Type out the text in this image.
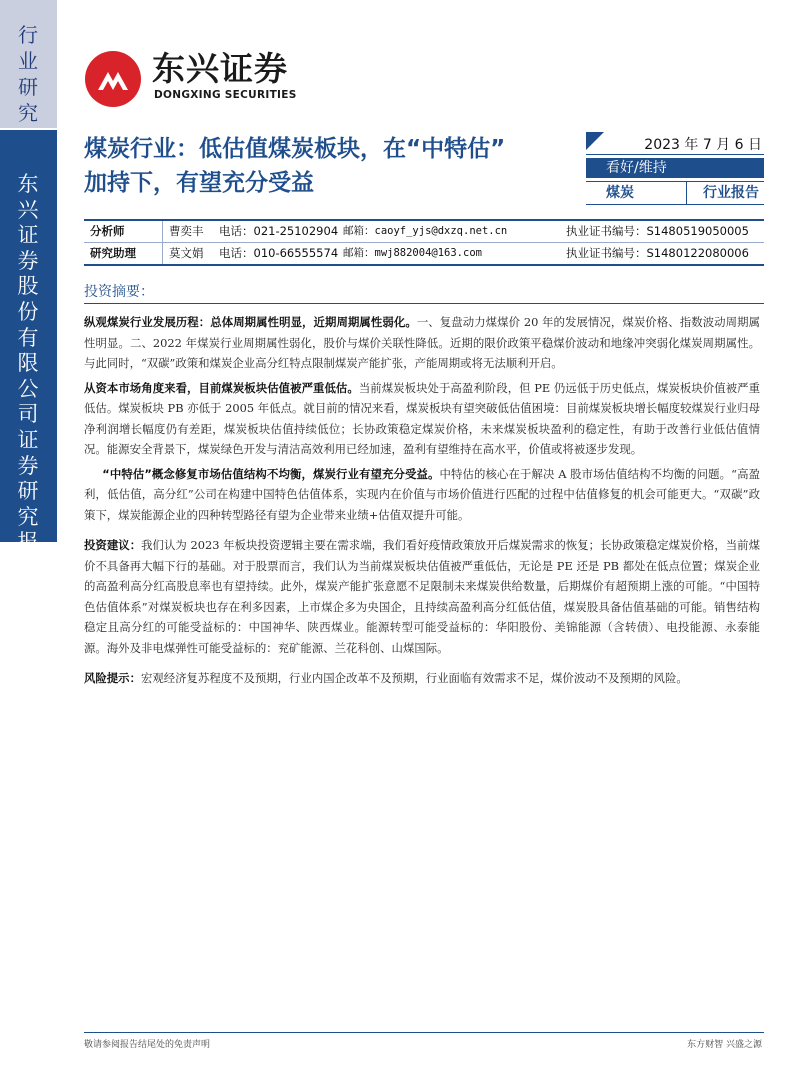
行业研究
东兴证券股份有限公司证券研究报告
东兴证券
DONGXING SECURITIES
煤炭行业：低估值煤炭板块，在“中特估”
加持下，有望充分受益
2023 年 7 月 6 日
看好/维持
煤炭	行业报告
分析师	曹奕丰	电话：021-25102904 邮箱：caoyf_yjs@dxzq.net.cn	执业证书编号：S1480519050005
研究助理	莫文娟	电话：010-66555574 邮箱：mwj882004@163.com	执业证书编号：S1480122080006
投资摘要：

纵观煤炭行业发展历程：总体周期属性明显，近期周期属性弱化。一、复盘动力煤煤价 20 年的发展情况，煤炭价格、指数波动周期属性明显。二、2022 年煤炭行业周期属性弱化，股价与煤价关联性降低。近期的限价政策平稳煤价波动和地缘冲突弱化煤炭周期属性。与此同时，“双碳”政策和煤炭企业高分红特点限制煤炭产能扩张，产能周期或将无法顺利开启。

从资本市场角度来看，目前煤炭板块估值被严重低估。当前煤炭板块处于高盈利阶段，但 PE 仍远低于历史低点，煤炭板块价值被严重低估。煤炭板块 PB 亦低于 2005 年低点。就目前的情况来看，煤炭板块有望突破低估值困境：目前煤炭板块增长幅度较煤炭行业归母净利润增长幅度仍有差距，煤炭板块估值持续低位；长协政策稳定煤炭价格，未来煤炭板块盈利的稳定性，有助于改善行业低估值情况。能源安全背景下，煤炭绿色开发与清洁高效利用已经加速，盈利有望维持在高水平，价值或将被逐步发现。

“中特估”概念修复市场估值结构不均衡，煤炭行业有望充分受益。中特估的核心在于解决 A 股市场估值结构不均衡的问题。“高盈利，低估值，高分红”公司在构建中国特色估值体系，实现内在价值与市场价值进行匹配的过程中估值修复的机会可能更大。“双碳”政策下，煤炭能源企业的四种转型路径有望为企业带来业绩+估值双提升可能。

投资建议：我们认为 2023 年板块投资逻辑主要在需求端，我们看好疫情政策放开后煤炭需求的恢复；长协政策稳定煤炭价格，当前煤价不具备再大幅下行的基础。对于股票而言，我们认为当前煤炭板块估值被严重低估，无论是 PE 还是 PB 都处在低点位置；煤炭企业的高盈利高分红高股息率也有望持续。此外，煤炭产能扩张意愿不足限制未来煤炭供给数量，后期煤价有超预期上涨的可能。“中国特色估值体系”对煤炭板块也存在利多因素，上市煤企多为央国企，且持续高盈利高分红低估值，煤炭股具备估值基础的可能。销售结构稳定且高分红的可能受益标的：中国神华、陕西煤业。能源转型可能受益标的：华阳股份、美锦能源（含转债）、电投能源、永泰能源。海外及非电煤弹性可能受益标的：兖矿能源、兰花科创、山煤国际。

风险提示：宏观经济复苏程度不及预期，行业内国企改革不及预期，行业面临有效需求不足，煤价波动不及预期的风险。

敬请参阅报告结尾处的免责声明	东方财智 兴盛之源
